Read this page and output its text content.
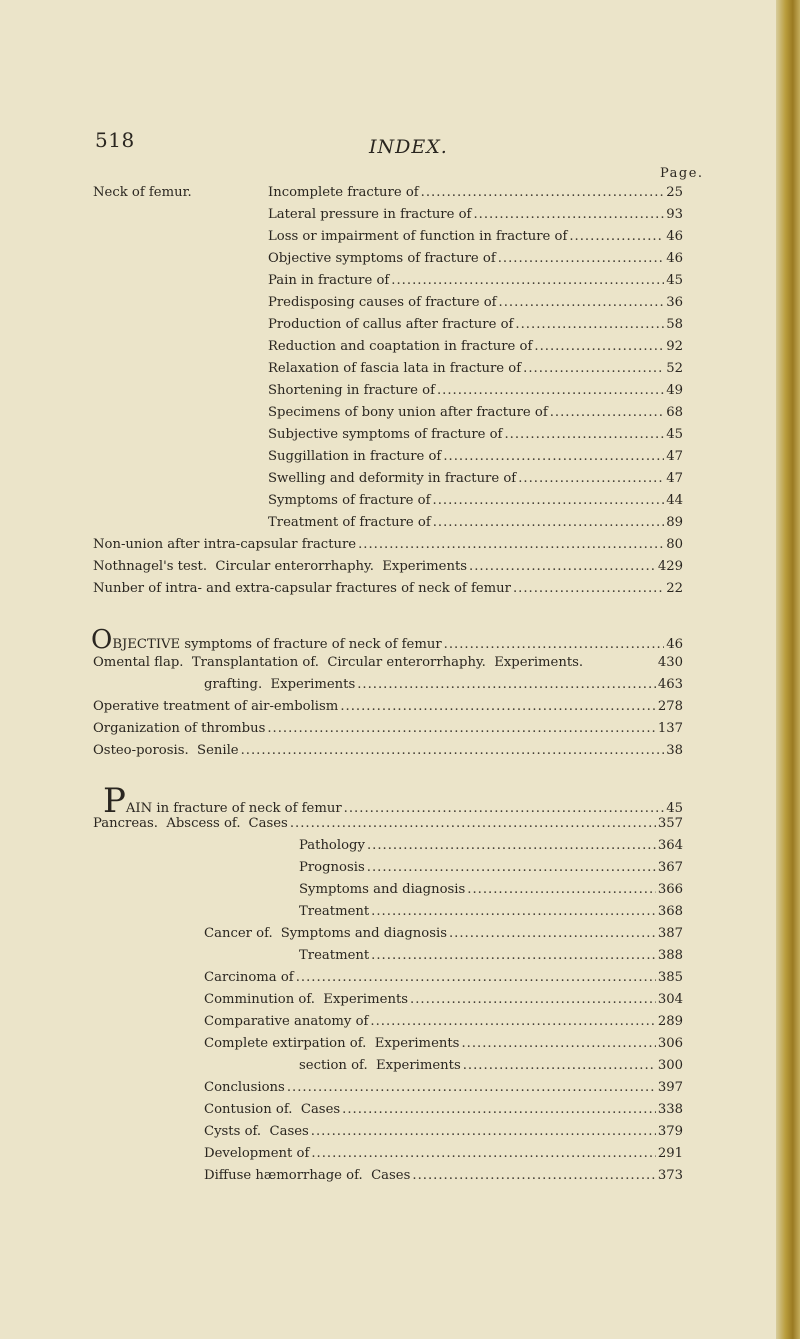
518	INDEX.
Page.
Neck of femur.	Incomplete fracture of .....	25
Lateral pressure in fracture of .....	93
Loss or impairment of function in fracture of .....	46
Objective symptoms of fracture of .....	46
Pain in fracture of .....	45
Predisposing causes of fracture of .....	36
Production of callus after fracture of .....	58
Reduction and coaptation in fracture of .....	92
Relaxation of fascia lata in fracture of .....	52
Shortening in fracture of .....	49
Specimens of bony union after fracture of .....	68
Subjective symptoms of fracture of .....	45
Suggillation in fracture of .....	47
Swelling and deformity in fracture of .....	47
Symptoms of fracture of .....	44
Treatment of fracture of .....	89
Non-union after intra-capsular fracture .....	80
Nothnagel's test.  Circular enterorrhaphy.  Experiments .....	429
Nunber of intra- and extra-capsular fractures of neck of femur .....	22
O BJECTIVE symptoms of fracture of neck of femur .....	46
Omental flap.  Transplantation of.  Circular enterorrhaphy.  Experiments.	430
grafting.  Experiments .....	463
Operative treatment of air-embolism .....	278
Organization of thrombus .....	137
Osteo-porosis.  Senile .....	38
P AIN in fracture of neck of femur .....	45
Pancreas.  Abscess of. Cases .....	357
Pathology .....	364
Prognosis .....	367
Symptoms and diagnosis .....	366
Treatment .....	368
Cancer of. Symptoms and diagnosis .....	387
Treatment .....	388
Carcinoma of .....	385
Comminution of.  Experiments .....	304
Comparative anatomy of .....	289
Complete extirpation of.  Experiments .....	306
section of.  Experiments .....	300
Conclusions .....	397
Contusion of.  Cases .....	338
Cysts of.  Cases .....	379
Development of .....	291
Diffuse hæmorrhage of.  Cases .....	373
